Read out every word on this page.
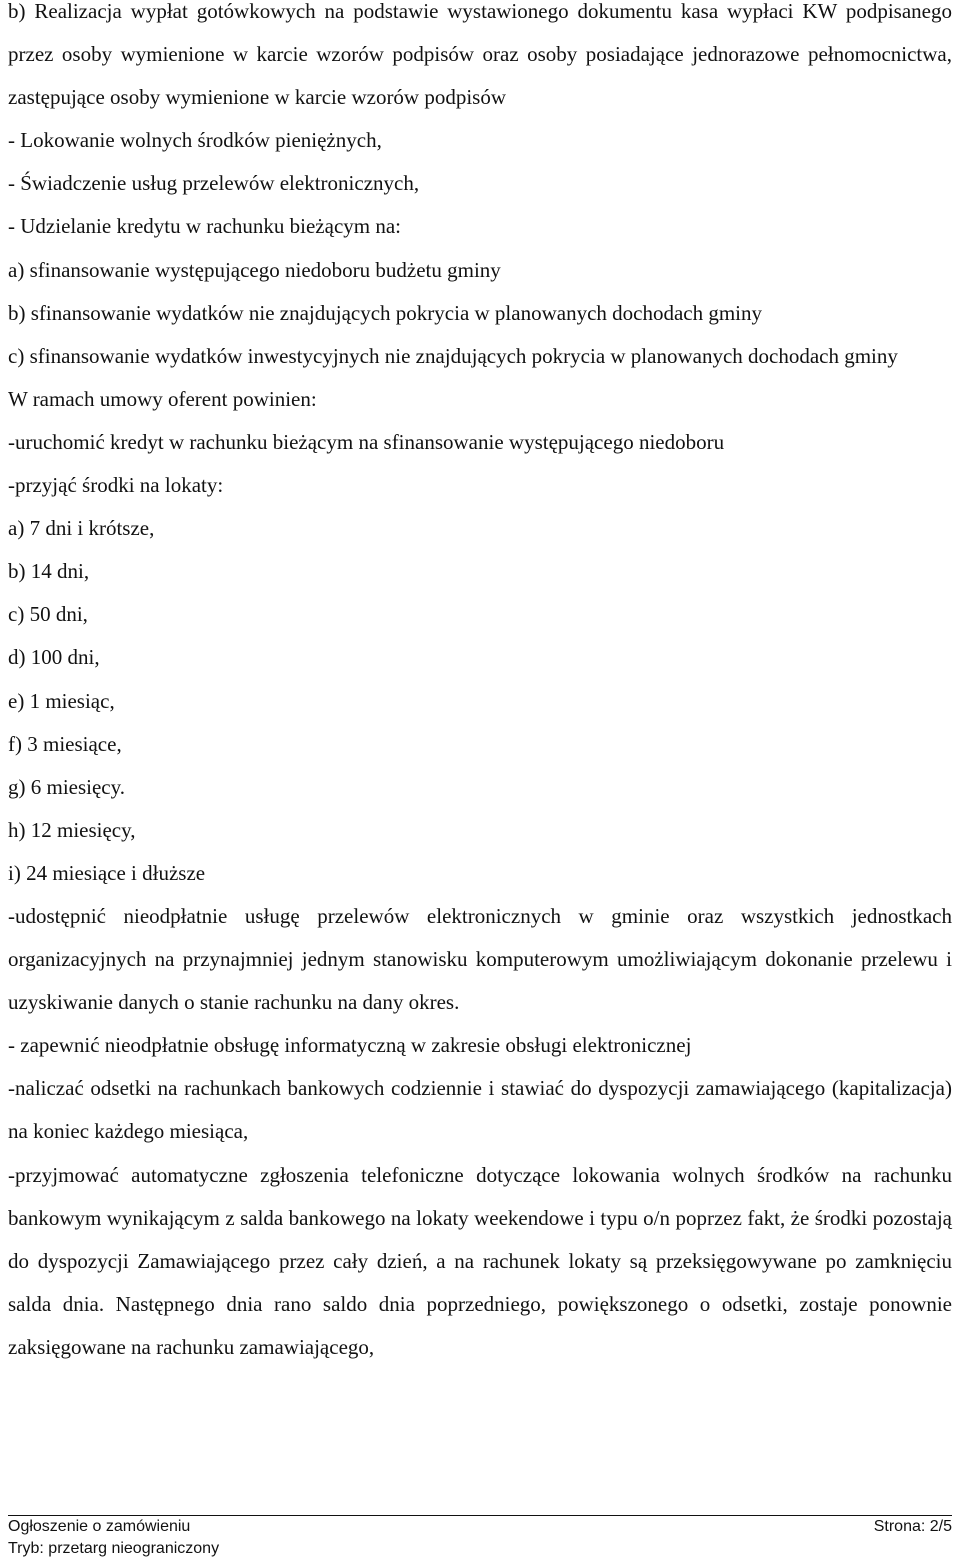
b) Realizacja wypłat gotówkowych na podstawie wystawionego dokumentu kasa wypłaci KW podpisanego przez osoby wymienione w karcie wzorów podpisów oraz osoby posiadające jednorazowe pełnomocnictwa, zastępujące osoby wymienione w karcie wzorów podpisów
- Lokowanie wolnych środków pieniężnych,
- Świadczenie usług przelewów elektronicznych,
- Udzielanie kredytu w rachunku bieżącym na:
a) sfinansowanie występującego niedoboru budżetu gminy
b) sfinansowanie wydatków nie znajdujących pokrycia w planowanych dochodach gminy
c) sfinansowanie wydatków inwestycyjnych nie znajdujących pokrycia w planowanych dochodach gminy
W ramach umowy oferent powinien:
-uruchomić kredyt w rachunku bieżącym na sfinansowanie występującego niedoboru
-przyjąć środki na lokaty:
a) 7 dni i krótsze,
b) 14 dni,
c) 50 dni,
d) 100 dni,
e) 1 miesiąc,
f) 3 miesiące,
g) 6 miesięcy.
h) 12 miesięcy,
i) 24 miesiące i dłuższe
-udostępnić nieodpłatnie usługę przelewów elektronicznych w gminie oraz wszystkich jednostkach organizacyjnych na przynajmniej jednym stanowisku komputerowym umożliwiającym dokonanie przelewu i uzyskiwanie danych o stanie rachunku na dany okres.
- zapewnić nieodpłatnie obsługę informatyczną w zakresie obsługi elektronicznej
-naliczać odsetki na rachunkach bankowych codziennie i stawiać do dyspozycji zamawiającego (kapitalizacja) na koniec każdego miesiąca,
-przyjmować automatyczne zgłoszenia telefoniczne dotyczące lokowania wolnych środków na rachunku bankowym wynikającym z salda bankowego na lokaty weekendowe i typu o/n poprzez fakt, że środki pozostają do dyspozycji Zamawiającego przez cały dzień, a na rachunek lokaty są przeksięgowywane po zamknięciu salda dnia. Następnego dnia rano saldo dnia poprzedniego, powiększonego o odsetki, zostaje ponownie zaksięgowane na rachunku zamawiającego,
Ogłoszenie o zamówieniu	Strona: 2/5
Tryb: przetarg nieograniczony
